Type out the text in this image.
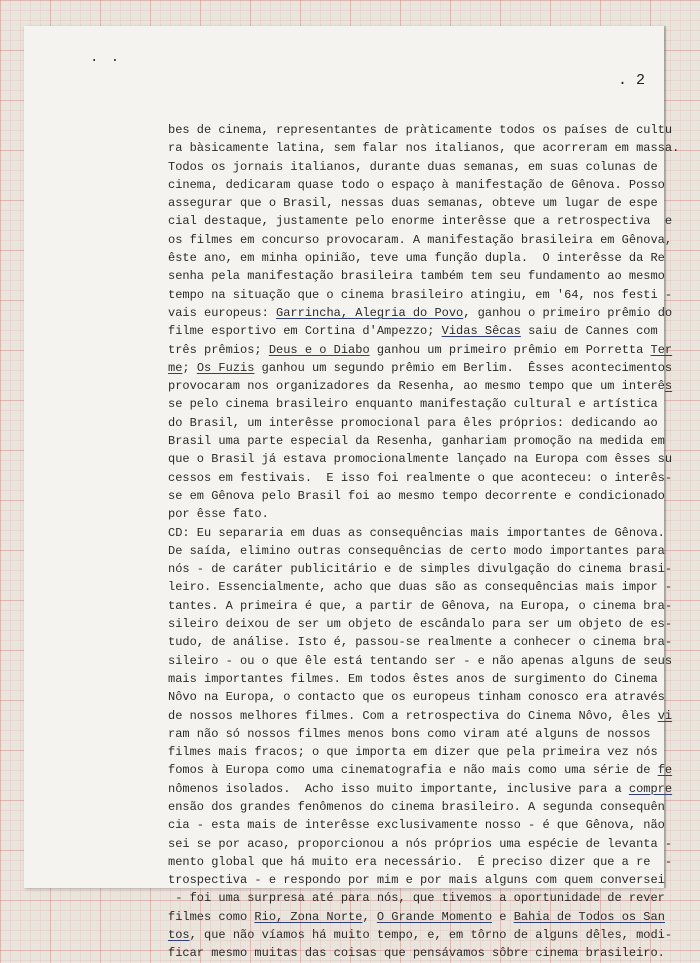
· ·
. 2
bes de cinema, representantes de pràticamente todos os países de cultu
ra bàsicamente latina, sem falar nos italianos, que acorreram em massa.
Todos os jornais italianos, durante duas semanas, em suas colunas de
cinema, dedicaram quase todo o espaço à manifestação de Gênova. Posso
assegurar que o Brasil, nessas duas semanas, obteve um lugar de espe
cial destaque, justamente pelo enorme interêsse que a retrospectiva  e
os filmes em concurso provocaram. A manifestação brasileira em Gênova,
êste ano, em minha opinião, teve uma função dupla.  O interêsse da Re
senha pela manifestação brasileira também tem seu fundamento ao mesmo
tempo na situação que o cinema brasileiro atingiu, em '64, nos festi -
vais europeus: Garrincha, Alegria do Povo, ganhou o primeiro prêmio do
filme esportivo em Cortina d'Ampezzo; Vidas Sêcas saiu de Cannes com
três prêmios; Deus e o Diabo ganhou um primeiro prêmio em Porretta Ter
me; Os Fuzis ganhou um segundo prêmio em Berlim.  Êsses acontecimentos
provocaram nos organizadores da Resenha, ao mesmo tempo que um interês
se pelo cinema brasileiro enquanto manifestação cultural e artística
do Brasil, um interêsse promocional para êles próprios: dedicando ao
Brasil uma parte especial da Resenha, ganhariam promoção na medida em
que o Brasil já estava promocionalmente lançado na Europa com êsses su
cessos em festivais.  E isso foi realmente o que aconteceu: o interês-
se em Gênova pelo Brasil foi ao mesmo tempo decorrente e condicionado
por êsse fato.
CD: Eu separaria em duas as consequências mais importantes de Gênova.
De saída, elimino outras consequências de certo modo importantes para
nós - de caráter publicitário e de simples divulgação do cinema brasi-
leiro. Essencialmente, acho que duas são as consequências mais impor -
tantes. A primeira é que, a partir de Gênova, na Europa, o cinema bra-
sileiro deixou de ser um objeto de escândalo para ser um objeto de es-
tudo, de análise. Isto é, passou-se realmente a conhecer o cinema bra-
sileiro - ou o que êle está tentando ser - e não apenas alguns de seus
mais importantes filmes. Em todos êstes anos de surgimento do Cinema
Nôvo na Europa, o contacto que os europeus tinham conosco era através
de nossos melhores filmes. Com a retrospectiva do Cinema Nôvo, êles vi
ram não só nossos filmes menos bons como viram até alguns de nossos
filmes mais fracos; o que importa em dizer que pela primeira vez nós
fomos à Europa como uma cinematografia e não mais como uma série de fe
nômenos isolados.  Acho isso muito importante, inclusive para a compre
ensão dos grandes fenômenos do cinema brasileiro. A segunda consequên
cia - esta mais de interêsse exclusivamente nosso - é que Gênova, não
sei se por acaso, proporcionou a nós próprios uma espécie de levanta -
mento global que há muito era necessário.  É preciso dizer que a re  -
trospectiva - e respondo por mim e por mais alguns com quem conversei
- foi uma surpresa até para nós, que tivemos a oportunidade de rever
filmes como Rio, Zona Norte, O Grande Momento e Bahia de Todos os San
tos, que não víamos há muito tempo, e, em tôrno de alguns dêles, modi-
ficar mesmo muitas das coisas que pensávamos sôbre cinema brasileiro.
